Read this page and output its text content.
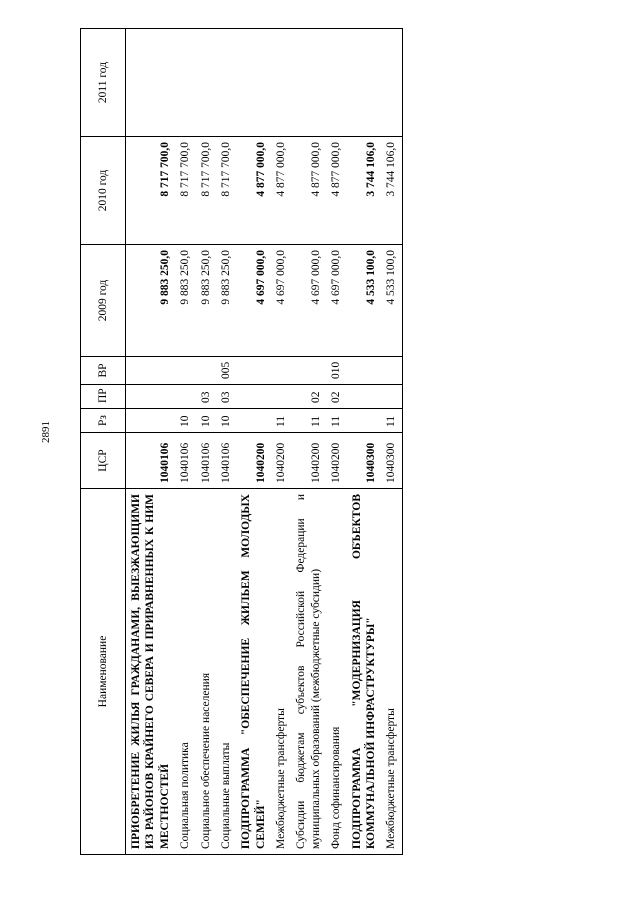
2891
Наименование	ЦСР	Рз	ПР	ВР	2009 год	2010 год	2011 год
ПРИОБРЕТЕНИЕ ЖИЛЬЯ ГРАЖДАНАМИ, ВЫЕЗЖАЮЩИМИ ИЗ РАЙОНОВ КРАЙНЕГО СЕВЕРА И ПРИРАВНЕННЫХ К НИМ МЕСТНОСТЕЙ	1040106				9 883 250,0	8 717 700,0	
Социальная политика	1040106	10			9 883 250,0	8 717 700,0	
Социальное обеспечение населения	1040106	10	03		9 883 250,0	8 717 700,0	
Социальные выплаты	1040106	10	03	005	9 883 250,0	8 717 700,0	
ПОДПРОГРАММА "ОБЕСПЕЧЕНИЕ ЖИЛЬЕМ МОЛОДЫХ СЕМЕЙ"	1040200				4 697 000,0	4 877 000,0	
Межбюджетные трансферты	1040200	11			4 697 000,0	4 877 000,0	
Субсидии бюджетам субъектов Российской Федерации и муниципальных образований (межбюджетные субсидии)	1040200	11	02		4 697 000,0	4 877 000,0	
Фонд софинансирования	1040200	11	02	010	4 697 000,0	4 877 000,0	
ПОДПРОГРАММА "МОДЕРНИЗАЦИЯ ОБЪЕКТОВ КОММУНАЛЬНОЙ ИНФРАСТРУКТУРЫ"	1040300				4 533 100,0	3 744 106,0	
Межбюджетные трансферты	1040300	11			4 533 100,0	3 744 106,0	
